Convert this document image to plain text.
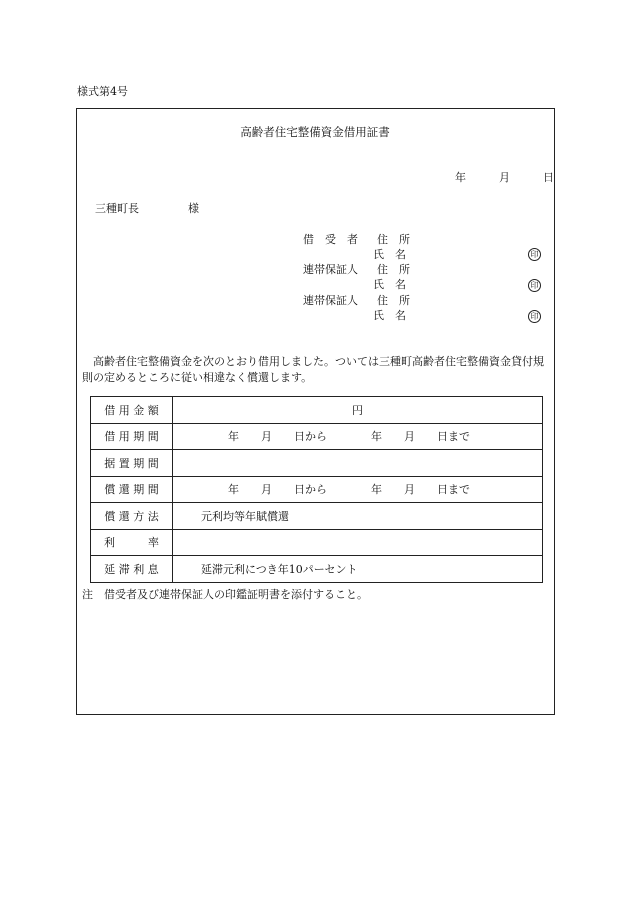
様式第4号
高齢者住宅整備資金借用証書
年	月	日
三種町長	様
借　受　者 住　所
氏　名	印
連帯保証人 住　所
氏　名	印
連帯保証人 住　所
氏　名	印
高齢者住宅整備資金を次のとおり借用しました。ついては三種町高齢者住宅整備資金貸付規則の定めるところに従い相違なく償還します。
借 用 金 額	円
借 用 期 間	年　　月　　日から　　　　年　　月　　日まで
据 置 期 間	
償 還 期 間	年　　月　　日から　　　　年　　月　　日まで
償 還 方 法	元利均等年賦償還
利　　　率	
延 滞 利 息	延滞元利につき年10パーセント
注　借受者及び連帯保証人の印鑑証明書を添付すること。
